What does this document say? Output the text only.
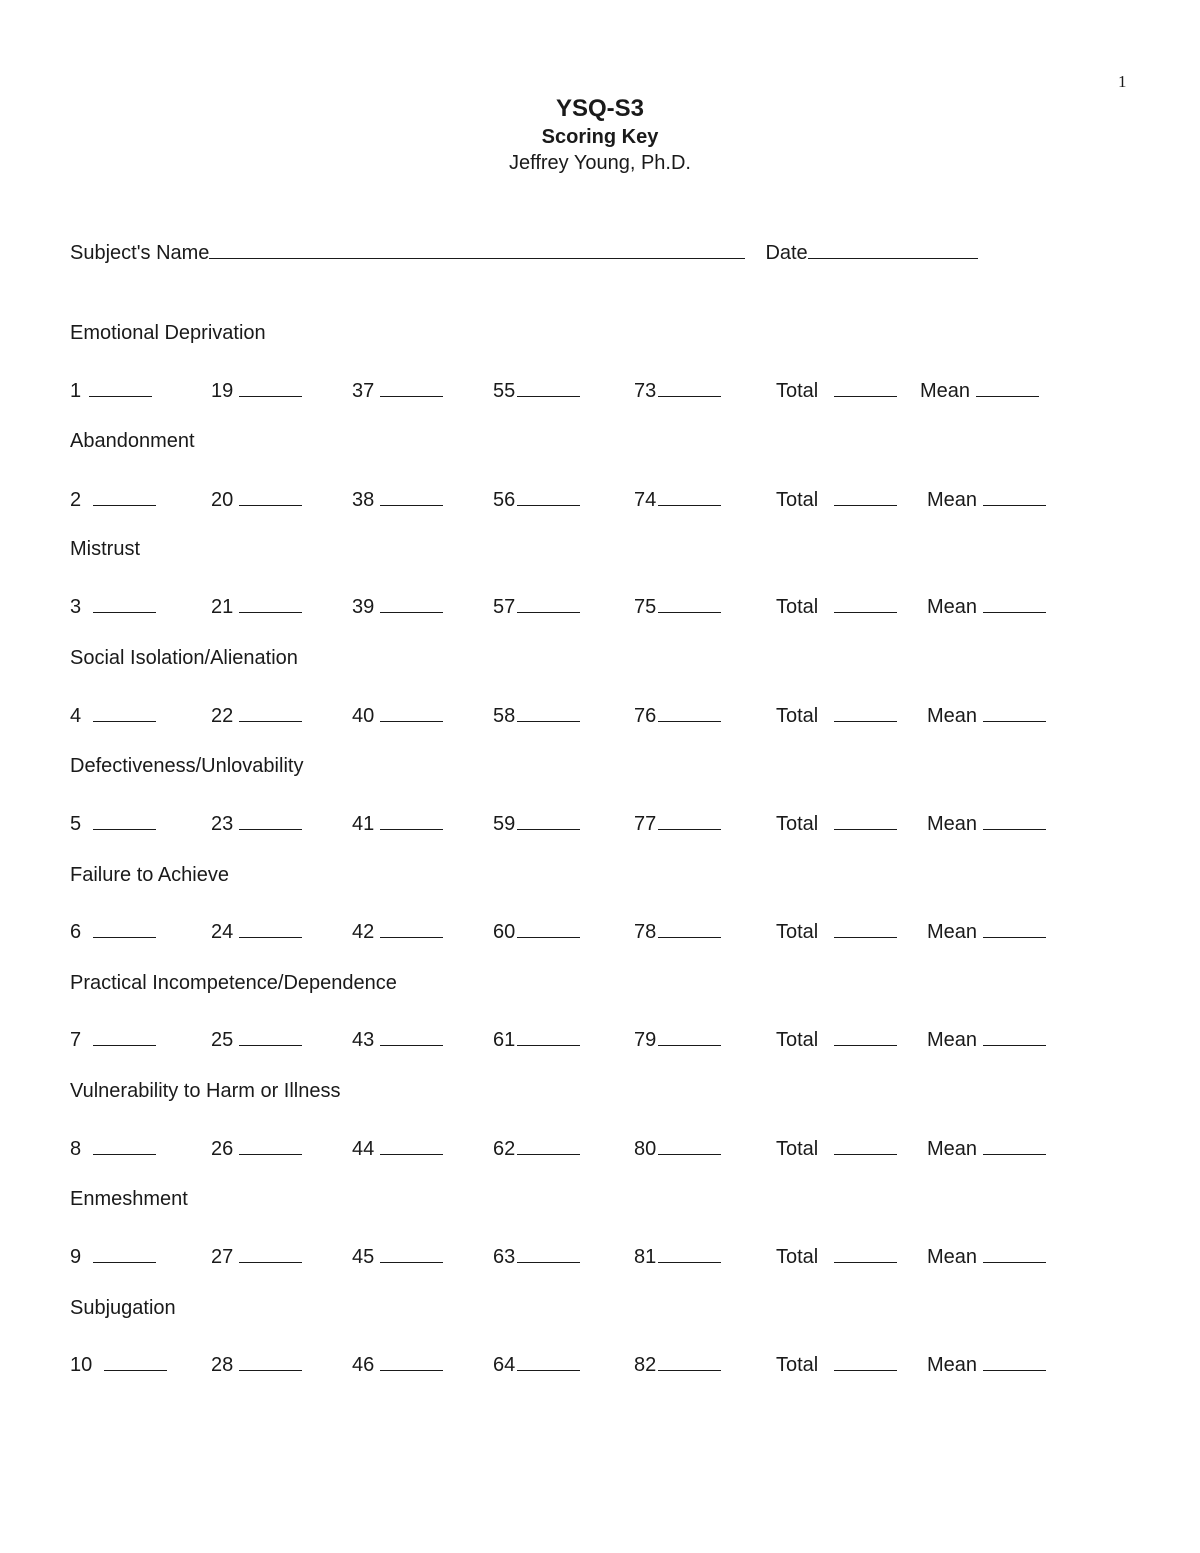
1
YSQ-S3
Scoring Key
Jeffrey Young, Ph.D.
Subject's Name	Date
Emotional Deprivation
1	19	37	55	73	Total	Mean
Abandonment
2	20	38	56	74	Total	Mean
Mistrust
3	21	39	57	75	Total	Mean
Social Isolation/Alienation
4	22	40	58	76	Total	Mean
Defectiveness/Unlovability
5	23	41	59	77	Total	Mean
Failure to Achieve
6	24	42	60	78	Total	Mean
Practical Incompetence/Dependence
7	25	43	61	79	Total	Mean
Vulnerability to Harm or Illness
8	26	44	62	80	Total	Mean
Enmeshment
9	27	45	63	81	Total	Mean
Subjugation
10	28	46	64	82	Total	Mean
